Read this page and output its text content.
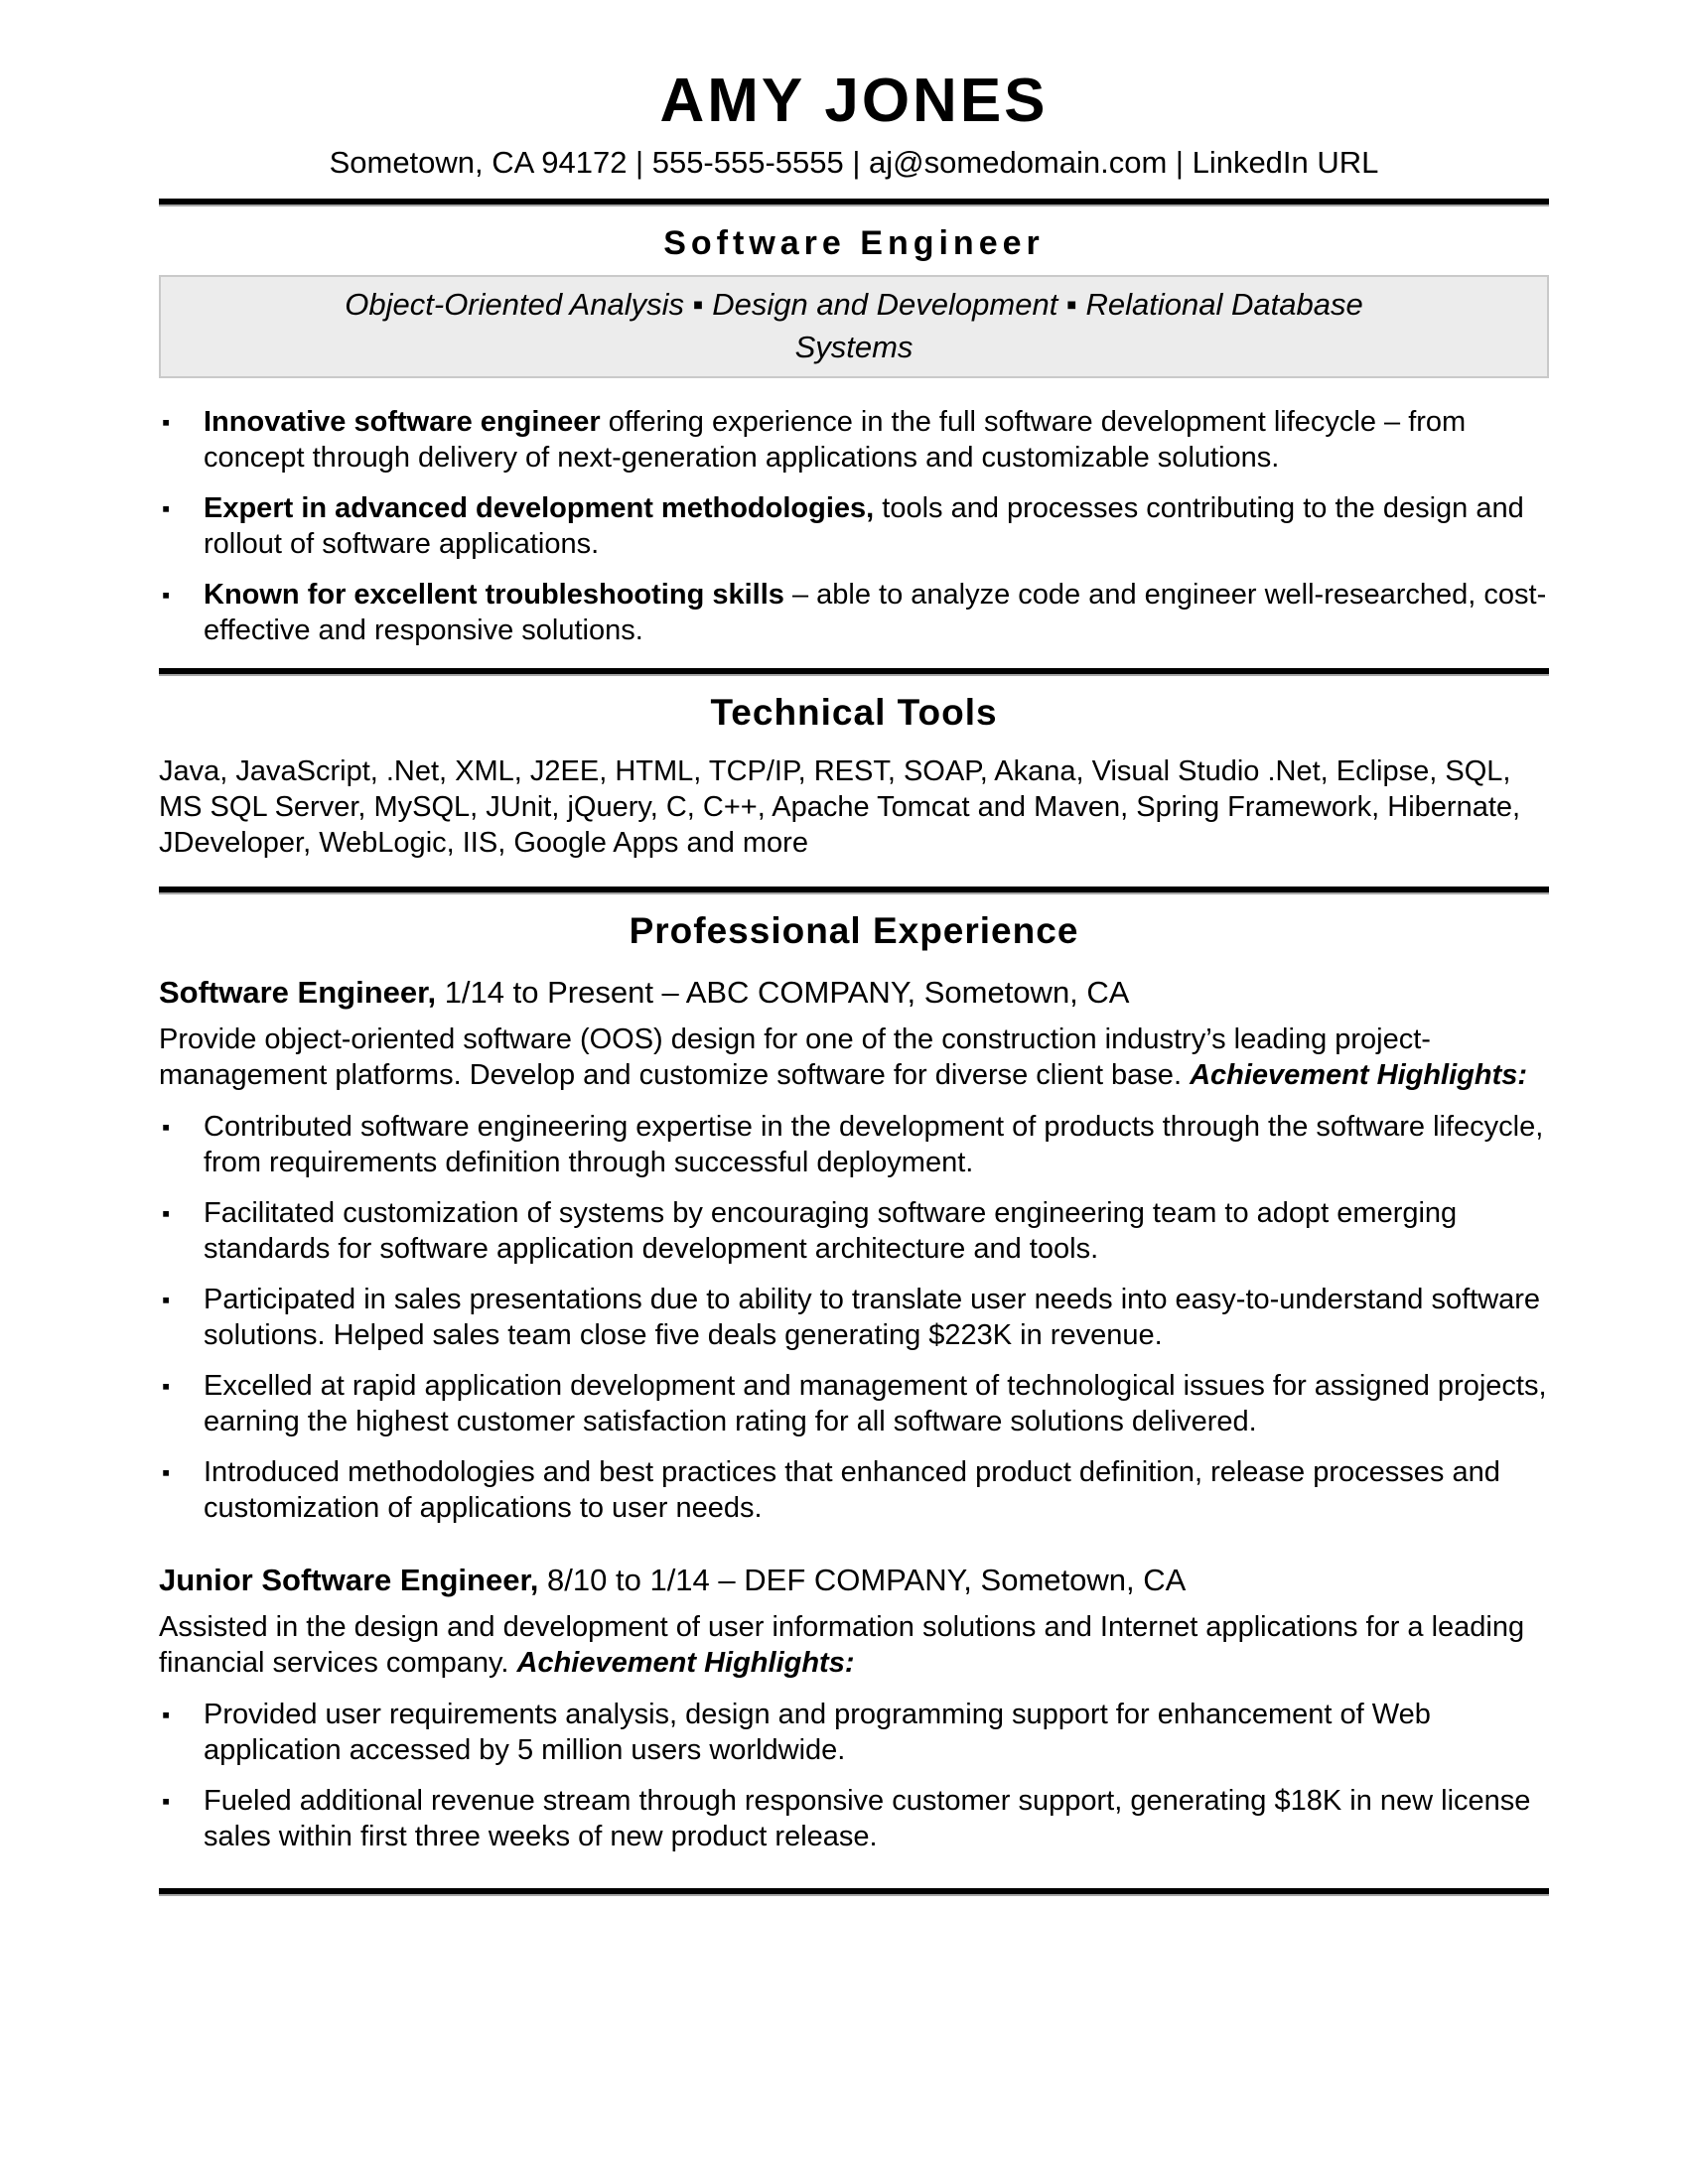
AMY JONES
Sometown, CA 94172 | 555-555-5555 | aj@somedomain.com | LinkedIn URL
Software Engineer
Object-Oriented Analysis ▪ Design and Development ▪ Relational Database
Systems
▪	Innovative software engineer offering experience in the full software development lifecycle – from concept through delivery of next-generation applications and customizable solutions.
▪	Expert in advanced development methodologies, tools and processes contributing to the design and rollout of software applications.
▪	Known for excellent troubleshooting skills – able to analyze code and engineer well-researched, cost-effective and responsive solutions.
Technical Tools
Java, JavaScript, .Net, XML, J2EE, HTML, TCP/IP, REST, SOAP, Akana, Visual Studio .Net, Eclipse, SQL, MS SQL Server, MySQL, JUnit, jQuery, C, C++, Apache Tomcat and Maven, Spring Framework, Hibernate, JDeveloper, WebLogic, IIS, Google Apps and more
Professional Experience
Software Engineer, 1/14 to Present – ABC COMPANY, Sometown, CA
Provide object-oriented software (OOS) design for one of the construction industry’s leading project- management platforms. Develop and customize software for diverse client base. Achievement Highlights:
▪	Contributed software engineering expertise in the development of products through the software lifecycle, from requirements definition through successful deployment.
▪	Facilitated customization of systems by encouraging software engineering team to adopt emerging standards for software application development architecture and tools.
▪	Participated in sales presentations due to ability to translate user needs into easy-to-understand software solutions. Helped sales team close five deals generating $223K in revenue.
▪	Excelled at rapid application development and management of technological issues for assigned projects, earning the highest customer satisfaction rating for all software solutions delivered.
▪	Introduced methodologies and best practices that enhanced product definition, release processes and customization of applications to user needs.
Junior Software Engineer, 8/10 to 1/14 – DEF COMPANY, Sometown, CA
Assisted in the design and development of user information solutions and Internet applications for a leading financial services company. Achievement Highlights:
▪	Provided user requirements analysis, design and programming support for enhancement of Web application accessed by 5 million users worldwide.
▪	Fueled additional revenue stream through responsive customer support, generating $18K in new license sales within first three weeks of new product release.
